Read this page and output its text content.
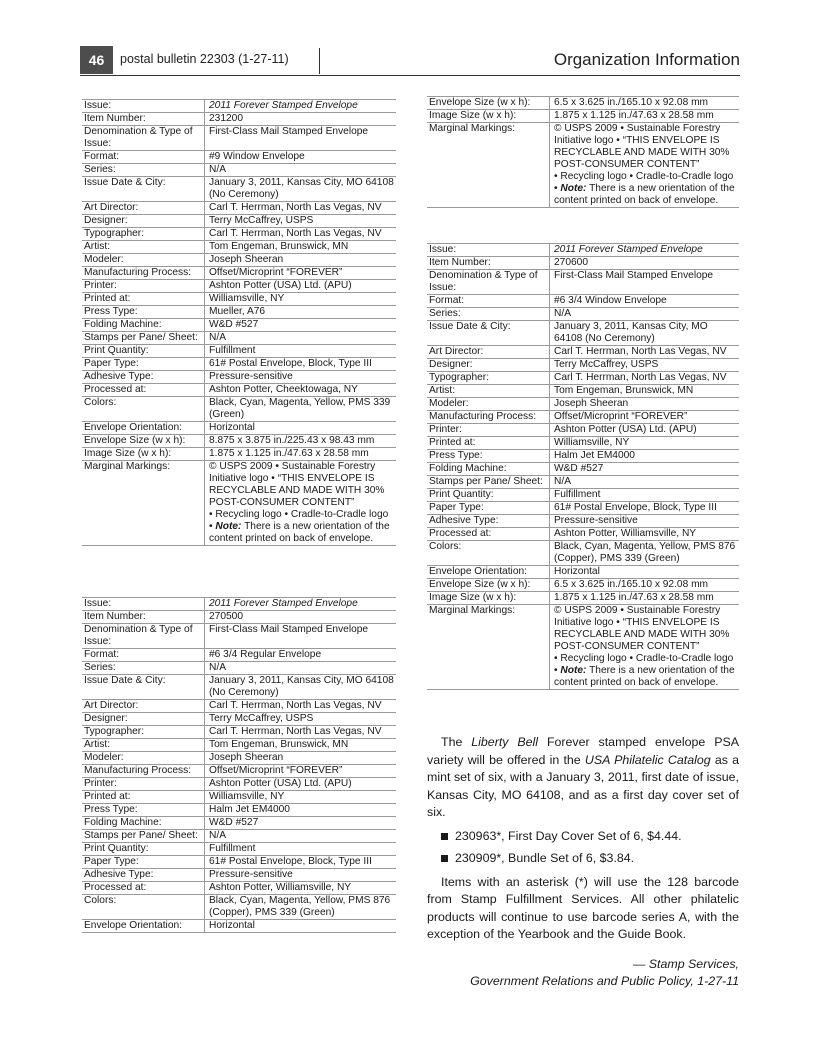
46	postal bulletin 22303 (1-27-11)	Organization Information
Issue:	2011 Forever Stamped Envelope
Item Number:	231200
Denomination & Type of Issue:	First-Class Mail Stamped Envelope
Format:	#9 Window Envelope
Series:	N/A
Issue Date & City:	January 3, 2011, Kansas City, MO 64108 (No Ceremony)
Art Director:	Carl T. Herrman, North Las Vegas, NV
Designer:	Terry McCaffrey, USPS
Typographer:	Carl T. Herrman, North Las Vegas, NV
Artist:	Tom Engeman, Brunswick, MN
Modeler:	Joseph Sheeran
Manufacturing Process:	Offset/Microprint “FOREVER”
Printer:	Ashton Potter (USA) Ltd. (APU)
Printed at:	Williamsville, NY
Press Type:	Mueller, A76
Folding Machine:	W&D #527
Stamps per Pane/ Sheet:	N/A
Print Quantity:	Fulfillment
Paper Type:	61# Postal Envelope, Block, Type III
Adhesive Type:	Pressure-sensitive
Processed at:	Ashton Potter, Cheektowaga, NY
Colors:	Black, Cyan, Magenta, Yellow, PMS 339 (Green)
Envelope Orientation:	Horizontal
Envelope Size (w x h):	8.875 x 3.875 in./225.43 x 98.43 mm
Image Size (w x h):	1.875 x 1.125 in./47.63 x 28.58 mm
Marginal Markings:	© USPS 2009 • Sustainable Forestry Initiative logo • “THIS ENVELOPE IS RECYCLABLE AND MADE WITH 30% POST-CONSUMER CONTENT”
• Recycling logo • Cradle-to-Cradle logo • Note: There is a new orientation of the content printed on back of envelope.
Issue:	2011 Forever Stamped Envelope
Item Number:	270500
Denomination & Type of Issue:	First-Class Mail Stamped Envelope
Format:	#6 3/4 Regular Envelope
Series:	N/A
Issue Date & City:	January 3, 2011, Kansas City, MO 64108 (No Ceremony)
Art Director:	Carl T. Herrman, North Las Vegas, NV
Designer:	Terry McCaffrey, USPS
Typographer:	Carl T. Herrman, North Las Vegas, NV
Artist:	Tom Engeman, Brunswick, MN
Modeler:	Joseph Sheeran
Manufacturing Process:	Offset/Microprint “FOREVER”
Printer:	Ashton Potter (USA) Ltd. (APU)
Printed at:	Williamsville, NY
Press Type:	Halm Jet EM4000
Folding Machine:	W&D #527
Stamps per Pane/ Sheet:	N/A
Print Quantity:	Fulfillment
Paper Type:	61# Postal Envelope, Block, Type III
Adhesive Type:	Pressure-sensitive
Processed at:	Ashton Potter, Williamsville, NY
Colors:	Black, Cyan, Magenta, Yellow, PMS 876 (Copper), PMS 339 (Green)
Envelope Orientation:	Horizontal
Envelope Size (w x h):	6.5 x 3.625 in./165.10 x 92.08 mm
Image Size (w x h):	1.875 x 1.125 in./47.63 x 28.58 mm
Marginal Markings:	© USPS 2009 • Sustainable Forestry Initiative logo • “THIS ENVELOPE IS RECYCLABLE AND MADE WITH 30% POST-CONSUMER CONTENT”
• Recycling logo • Cradle-to-Cradle logo • Note: There is a new orientation of the content printed on back of envelope.
Issue:	2011 Forever Stamped Envelope
Item Number:	270600
Denomination & Type of Issue:	First-Class Mail Stamped Envelope
Format:	#6 3/4 Window Envelope
Series:	N/A
Issue Date & City:	January 3, 2011, Kansas City, MO 64108 (No Ceremony)
Art Director:	Carl T. Herrman, North Las Vegas, NV
Designer:	Terry McCaffrey, USPS
Typographer:	Carl T. Herrman, North Las Vegas, NV
Artist:	Tom Engeman, Brunswick, MN
Modeler:	Joseph Sheeran
Manufacturing Process:	Offset/Microprint “FOREVER”
Printer:	Ashton Potter (USA) Ltd. (APU)
Printed at:	Williamsville, NY
Press Type:	Halm Jet EM4000
Folding Machine:	W&D #527
Stamps per Pane/ Sheet:	N/A
Print Quantity:	Fulfillment
Paper Type:	61# Postal Envelope, Block, Type III
Adhesive Type:	Pressure-sensitive
Processed at:	Ashton Potter, Williamsville, NY
Colors:	Black, Cyan, Magenta, Yellow, PMS 876 (Copper), PMS 339 (Green)
Envelope Orientation:	Horizontal
Envelope Size (w x h):	6.5 x 3.625 in./165.10 x 92.08 mm
Image Size (w x h):	1.875 x 1.125 in./47.63 x 28.58 mm
Marginal Markings:	© USPS 2009 • Sustainable Forestry Initiative logo • “THIS ENVELOPE IS RECYCLABLE AND MADE WITH 30% POST-CONSUMER CONTENT”
• Recycling logo • Cradle-to-Cradle logo • Note: There is a new orientation of the content printed on back of envelope.

The Liberty Bell Forever stamped envelope PSA variety will be offered in the USA Philatelic Catalog as a mint set of six, with a January 3, 2011, first date of issue, Kansas City, MO 64108, and as a first day cover set of six.

230963*, First Day Cover Set of 6, $4.44.
230909*, Bundle Set of 6, $3.84.

Items with an asterisk (*) will use the 128 barcode from Stamp Fulfillment Services. All other philatelic products will continue to use barcode series A, with the exception of the Yearbook and the Guide Book.

— Stamp Services,
Government Relations and Public Policy, 1-27-11
